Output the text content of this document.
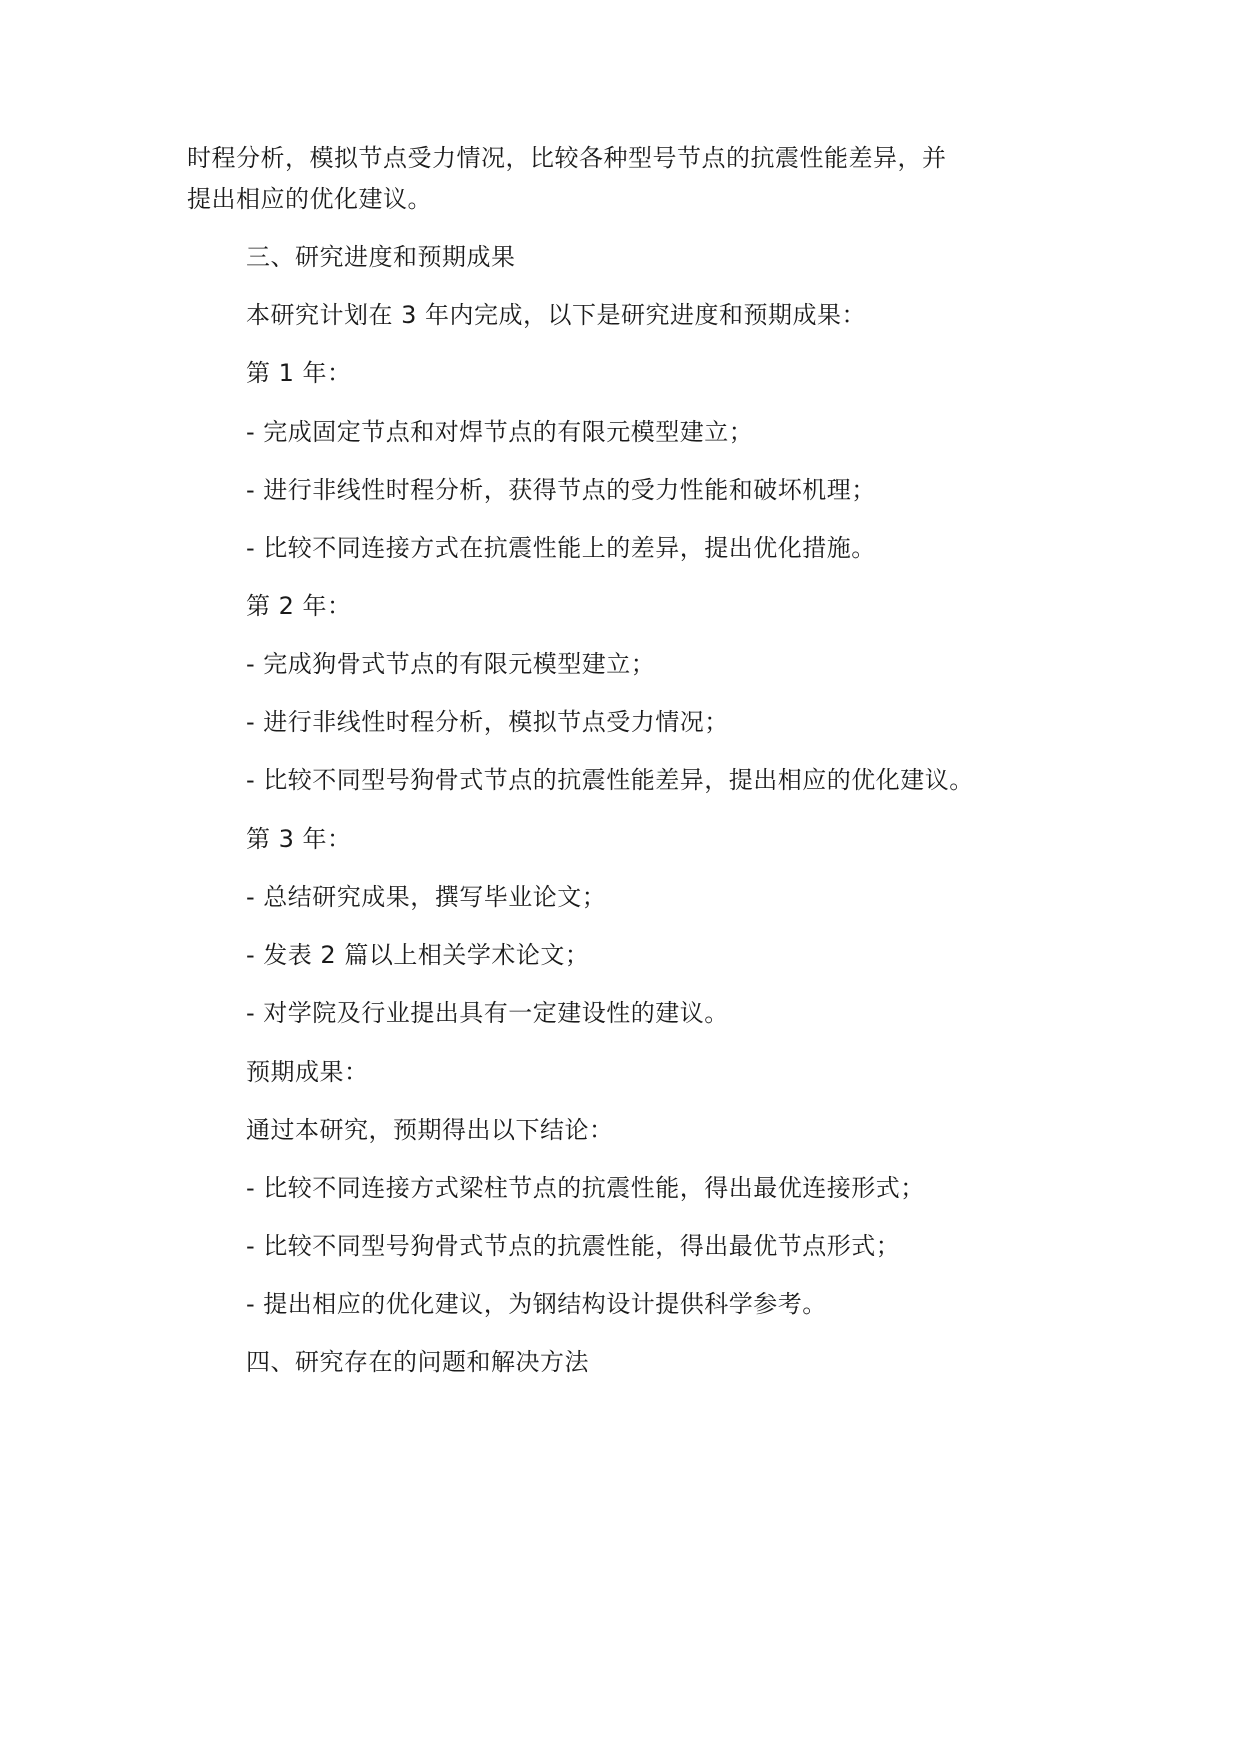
时程分析，模拟节点受力情况，比较各种型号节点的抗震性能差异，并
提出相应的优化建议。
三、研究进度和预期成果
本研究计划在 3 年内完成，以下是研究进度和预期成果：
第 1 年：
- 完成固定节点和对焊节点的有限元模型建立；
- 进行非线性时程分析，获得节点的受力性能和破坏机理；
- 比较不同连接方式在抗震性能上的差异，提出优化措施。
第 2 年：
- 完成狗骨式节点的有限元模型建立；
- 进行非线性时程分析，模拟节点受力情况；
- 比较不同型号狗骨式节点的抗震性能差异，提出相应的优化建议。
第 3 年：
- 总结研究成果，撰写毕业论文；
- 发表 2 篇以上相关学术论文；
- 对学院及行业提出具有一定建设性的建议。
预期成果：
通过本研究，预期得出以下结论：
- 比较不同连接方式梁柱节点的抗震性能，得出最优连接形式；
- 比较不同型号狗骨式节点的抗震性能，得出最优节点形式；
- 提出相应的优化建议，为钢结构设计提供科学参考。
四、研究存在的问题和解决方法
